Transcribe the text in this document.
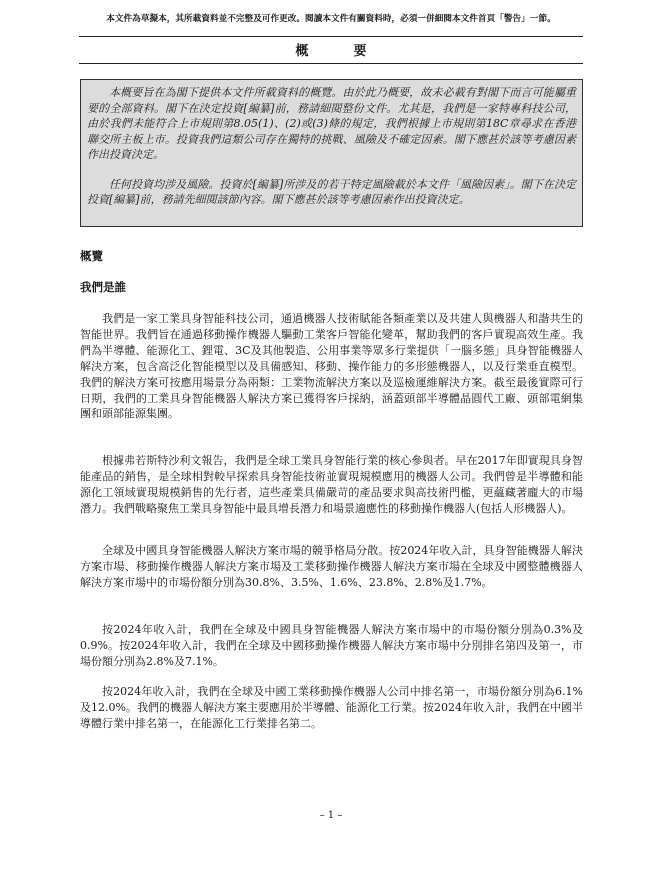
本文件為草擬本，其所載資料並不完整及可作更改。閱讀本文件有關資料時，必須一併細閱本文件首頁「警告」一節。
概　要

本概要旨在為閣下提供本文件所載資料的概覽。由於此乃概要，故未必載有對閣下而言可能屬重要的全部資料。閣下在決定投資[編纂]前，務請細閱整份文件。尤其是，我們是一家特專科技公司，由於我們未能符合上市規則第8.05(1)、(2)或(3)條的規定，我們根據上市規則第18C章尋求在香港聯交所主板上市。投資我們這類公司存在獨特的挑戰、風險及不確定因素。閣下應甚於該等考慮因素作出投資決定。

任何投資均涉及風險。投資於[編纂]所涉及的若干特定風險載於本文件「風險因素」。閣下在決定投資[編纂]前，務請先細閱該節內容。閣下應甚於該等考慮因素作出投資決定。

概覽
我們是誰

我們是一家工業具身智能科技公司，通過機器人技術賦能各類產業以及共建人與機器人和諧共生的智能世界。我們旨在通過移動操作機器人驅動工業客戶智能化變革，幫助我們的客戶實現高效生產。我們為半導體、能源化工、鋰電、3C及其他製造、公用事業等眾多行業提供「一腦多態」具身智能機器人解決方案，包含高泛化智能模型以及具備感知、移動、操作能力的多形態機器人，以及行業垂直模型。我們的解決方案可按應用場景分為兩類：工業物流解決方案以及巡檢運維解決方案。截至最後實際可行日期，我們的工業具身智能機器人解決方案已獲得客戶採納，涵蓋頭部半導體晶圓代工廠、頭部電網集團和頭部能源集團。

根據弗若斯特沙利文報告，我們是全球工業具身智能行業的核心參與者。早在2017年即實現具身智能產品的銷售，是全球相對較早探索具身智能技術並實現規模應用的機器人公司。我們曾是半導體和能源化工領域實現規模銷售的先行者，這些產業具備嚴苛的產品要求與高技術門檻，更蘊藏著龐大的市場潛力。我們戰略聚焦工業具身智能中最具增長潛力和場景適應性的移動操作機器人(包括人形機器人)。

全球及中國具身智能機器人解決方案市場的競爭格局分散。按2024年收入計，具身智能機器人解決方案市場、移動操作機器人解決方案市場及工業移動操作機器人解決方案市場在全球及中國整體機器人解決方案市場中的市場份額分別為30.8%、3.5%、1.6%、23.8%、2.8%及1.7%。

按2024年收入計，我們在全球及中國具身智能機器人解決方案市場中的市場份額分別為0.3%及0.9%。按2024年收入計，我們在全球及中國移動操作機器人解決方案市場中分別排名第四及第一，市場份額分別為2.8%及7.1%。

按2024年收入計，我們在全球及中國工業移動操作機器人公司中排名第一，市場份額分別為6.1%及12.0%。我們的機器人解決方案主要應用於半導體、能源化工行業。按2024年收入計，我們在中國半導體行業中排名第一，在能源化工行業排名第二。

– 1 –
